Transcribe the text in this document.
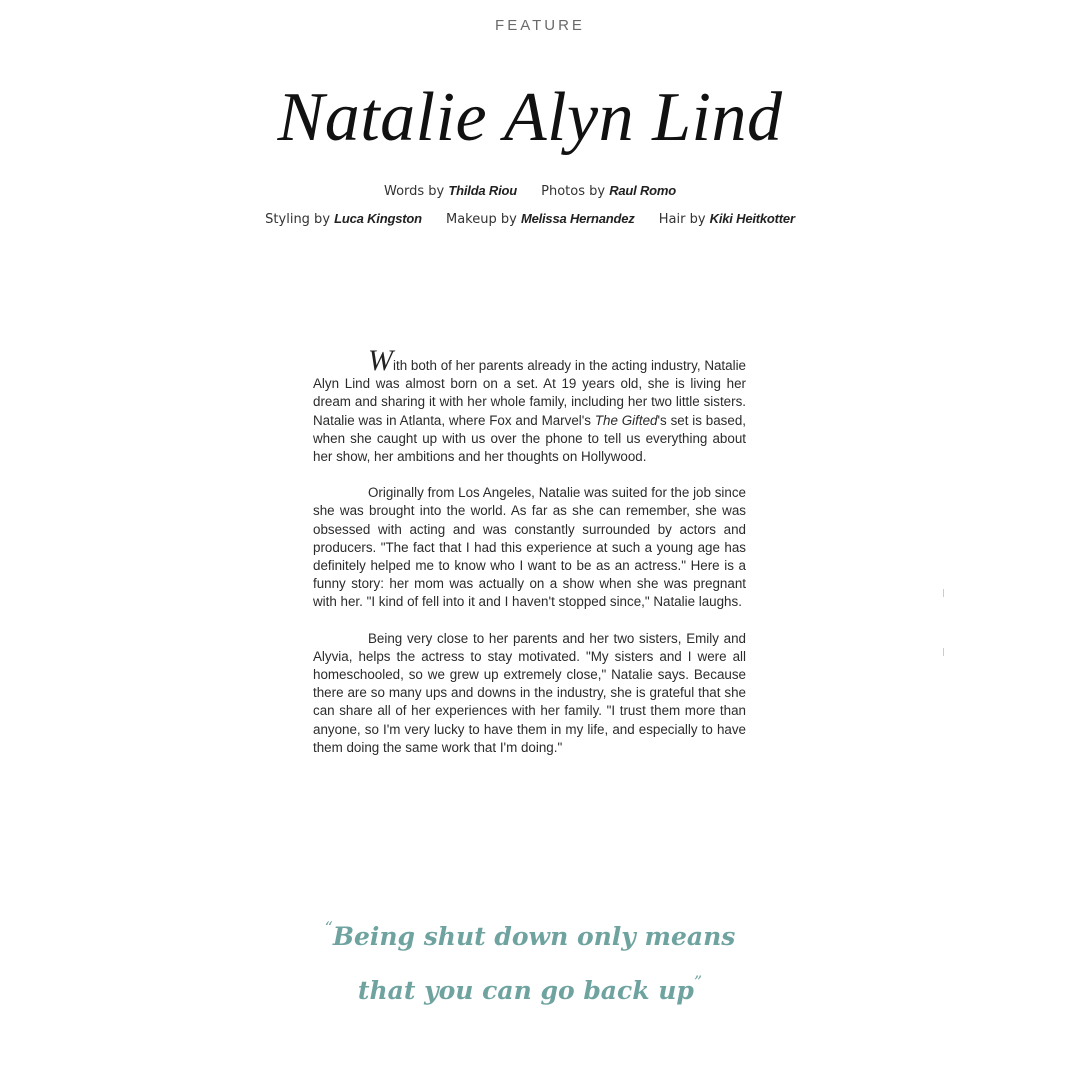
FEATURE
Natalie Alyn Lind
Words by Thilda Riou Photos by Raul Romo
Styling by Luca Kingston Makeup by Melissa Hernandez Hair by Kiki Heitkotter

With both of her parents already in the acting industry, Natalie Alyn Lind was almost born on a set. At 19 years old, she is living her dream and sharing it with her whole family, including her two little sisters. Natalie was in Atlanta, where Fox and Marvel's The Gifted's set is based, when she caught up with us over the phone to tell us everything about her show, her ambitions and her thoughts on Hollywood.

Originally from Los Angeles, Natalie was suited for the job since she was brought into the world. As far as she can remember, she was obsessed with acting and was constantly surrounded by actors and producers. "The fact that I had this experience at such a young age has definitely helped me to know who I want to be as an actress." Here is a funny story: her mom was actually on a show when she was pregnant with her. "I kind of fell into it and I haven't stopped since," Natalie laughs.

Being very close to her parents and her two sisters, Emily and Alyvia, helps the actress to stay motivated. "My sisters and I were all homeschooled, so we grew up extremely close," Natalie says. Because there are so many ups and downs in the industry, she is grateful that she can share all of her experiences with her family. "I trust them more than anyone, so I'm very lucky to have them in my life, and especially to have them doing the same work that I'm doing."

“Being shut down only means
that you can go back up”
